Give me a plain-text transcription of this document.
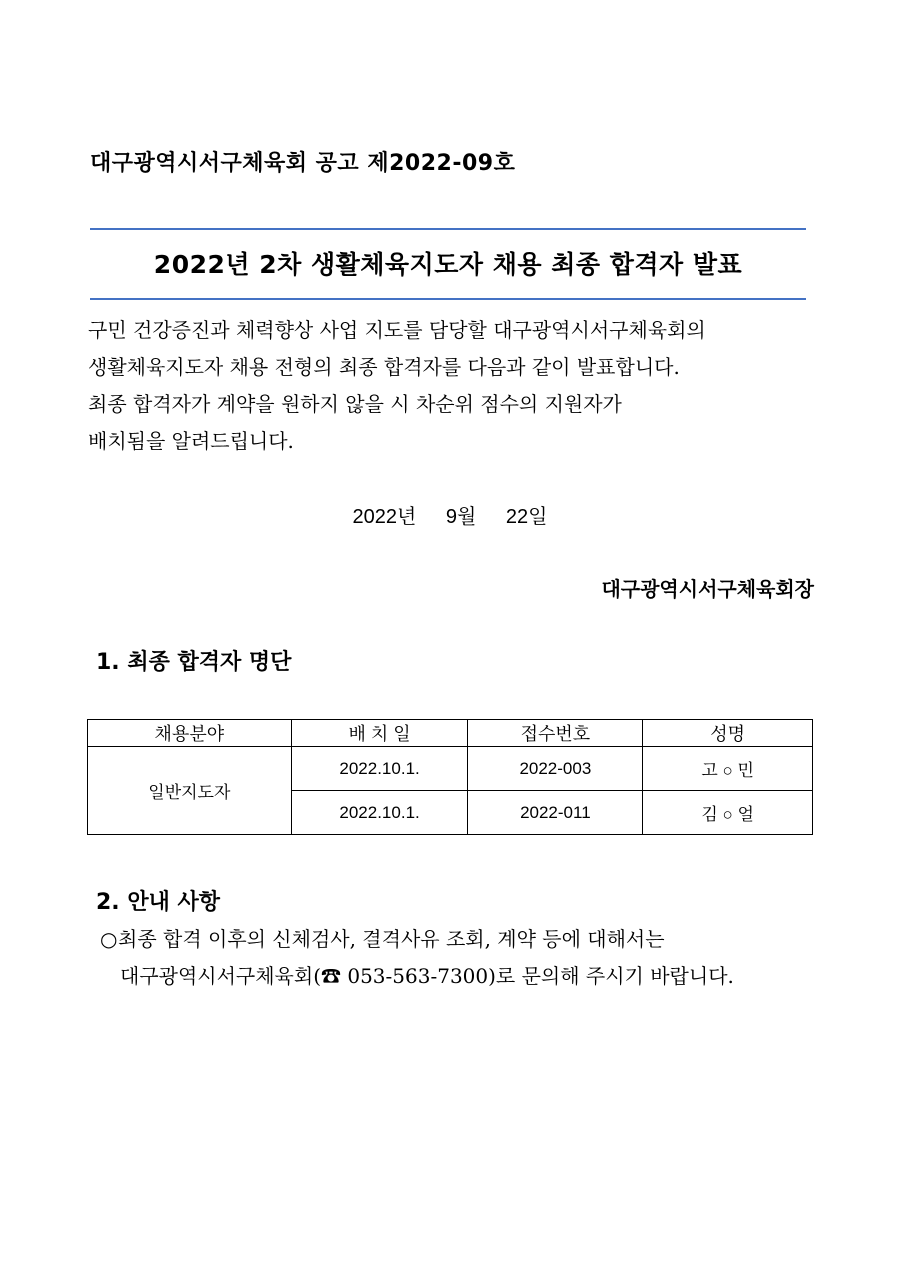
대구광역시서구체육회 공고 제2022-09호
2022년 2차 생활체육지도자 채용 최종 합격자 발표
구민 건강증진과 체력향상 사업 지도를 담당할 대구광역시서구체육회의
생활체육지도자 채용 전형의 최종 합격자를 다음과 같이 발표합니다.
최종 합격자가 계약을 원하지 않을 시 차순위 점수의 지원자가
배치됨을 알려드립니다.
2022년 9월 22일
대구광역시서구체육회장
1. 최종 합격자 명단
채용분야	배 치 일	접수번호	성명
일반지도자	2022.10.1.	2022-003	고 ○ 민
	2022.10.1.	2022-011	김 ○ 얼
2. 안내 사항
○최종 합격 이후의 신체검사, 결격사유 조회, 계약 등에 대해서는
대구광역시서구체육회(☎ 053-563-7300)로 문의해 주시기 바랍니다.
